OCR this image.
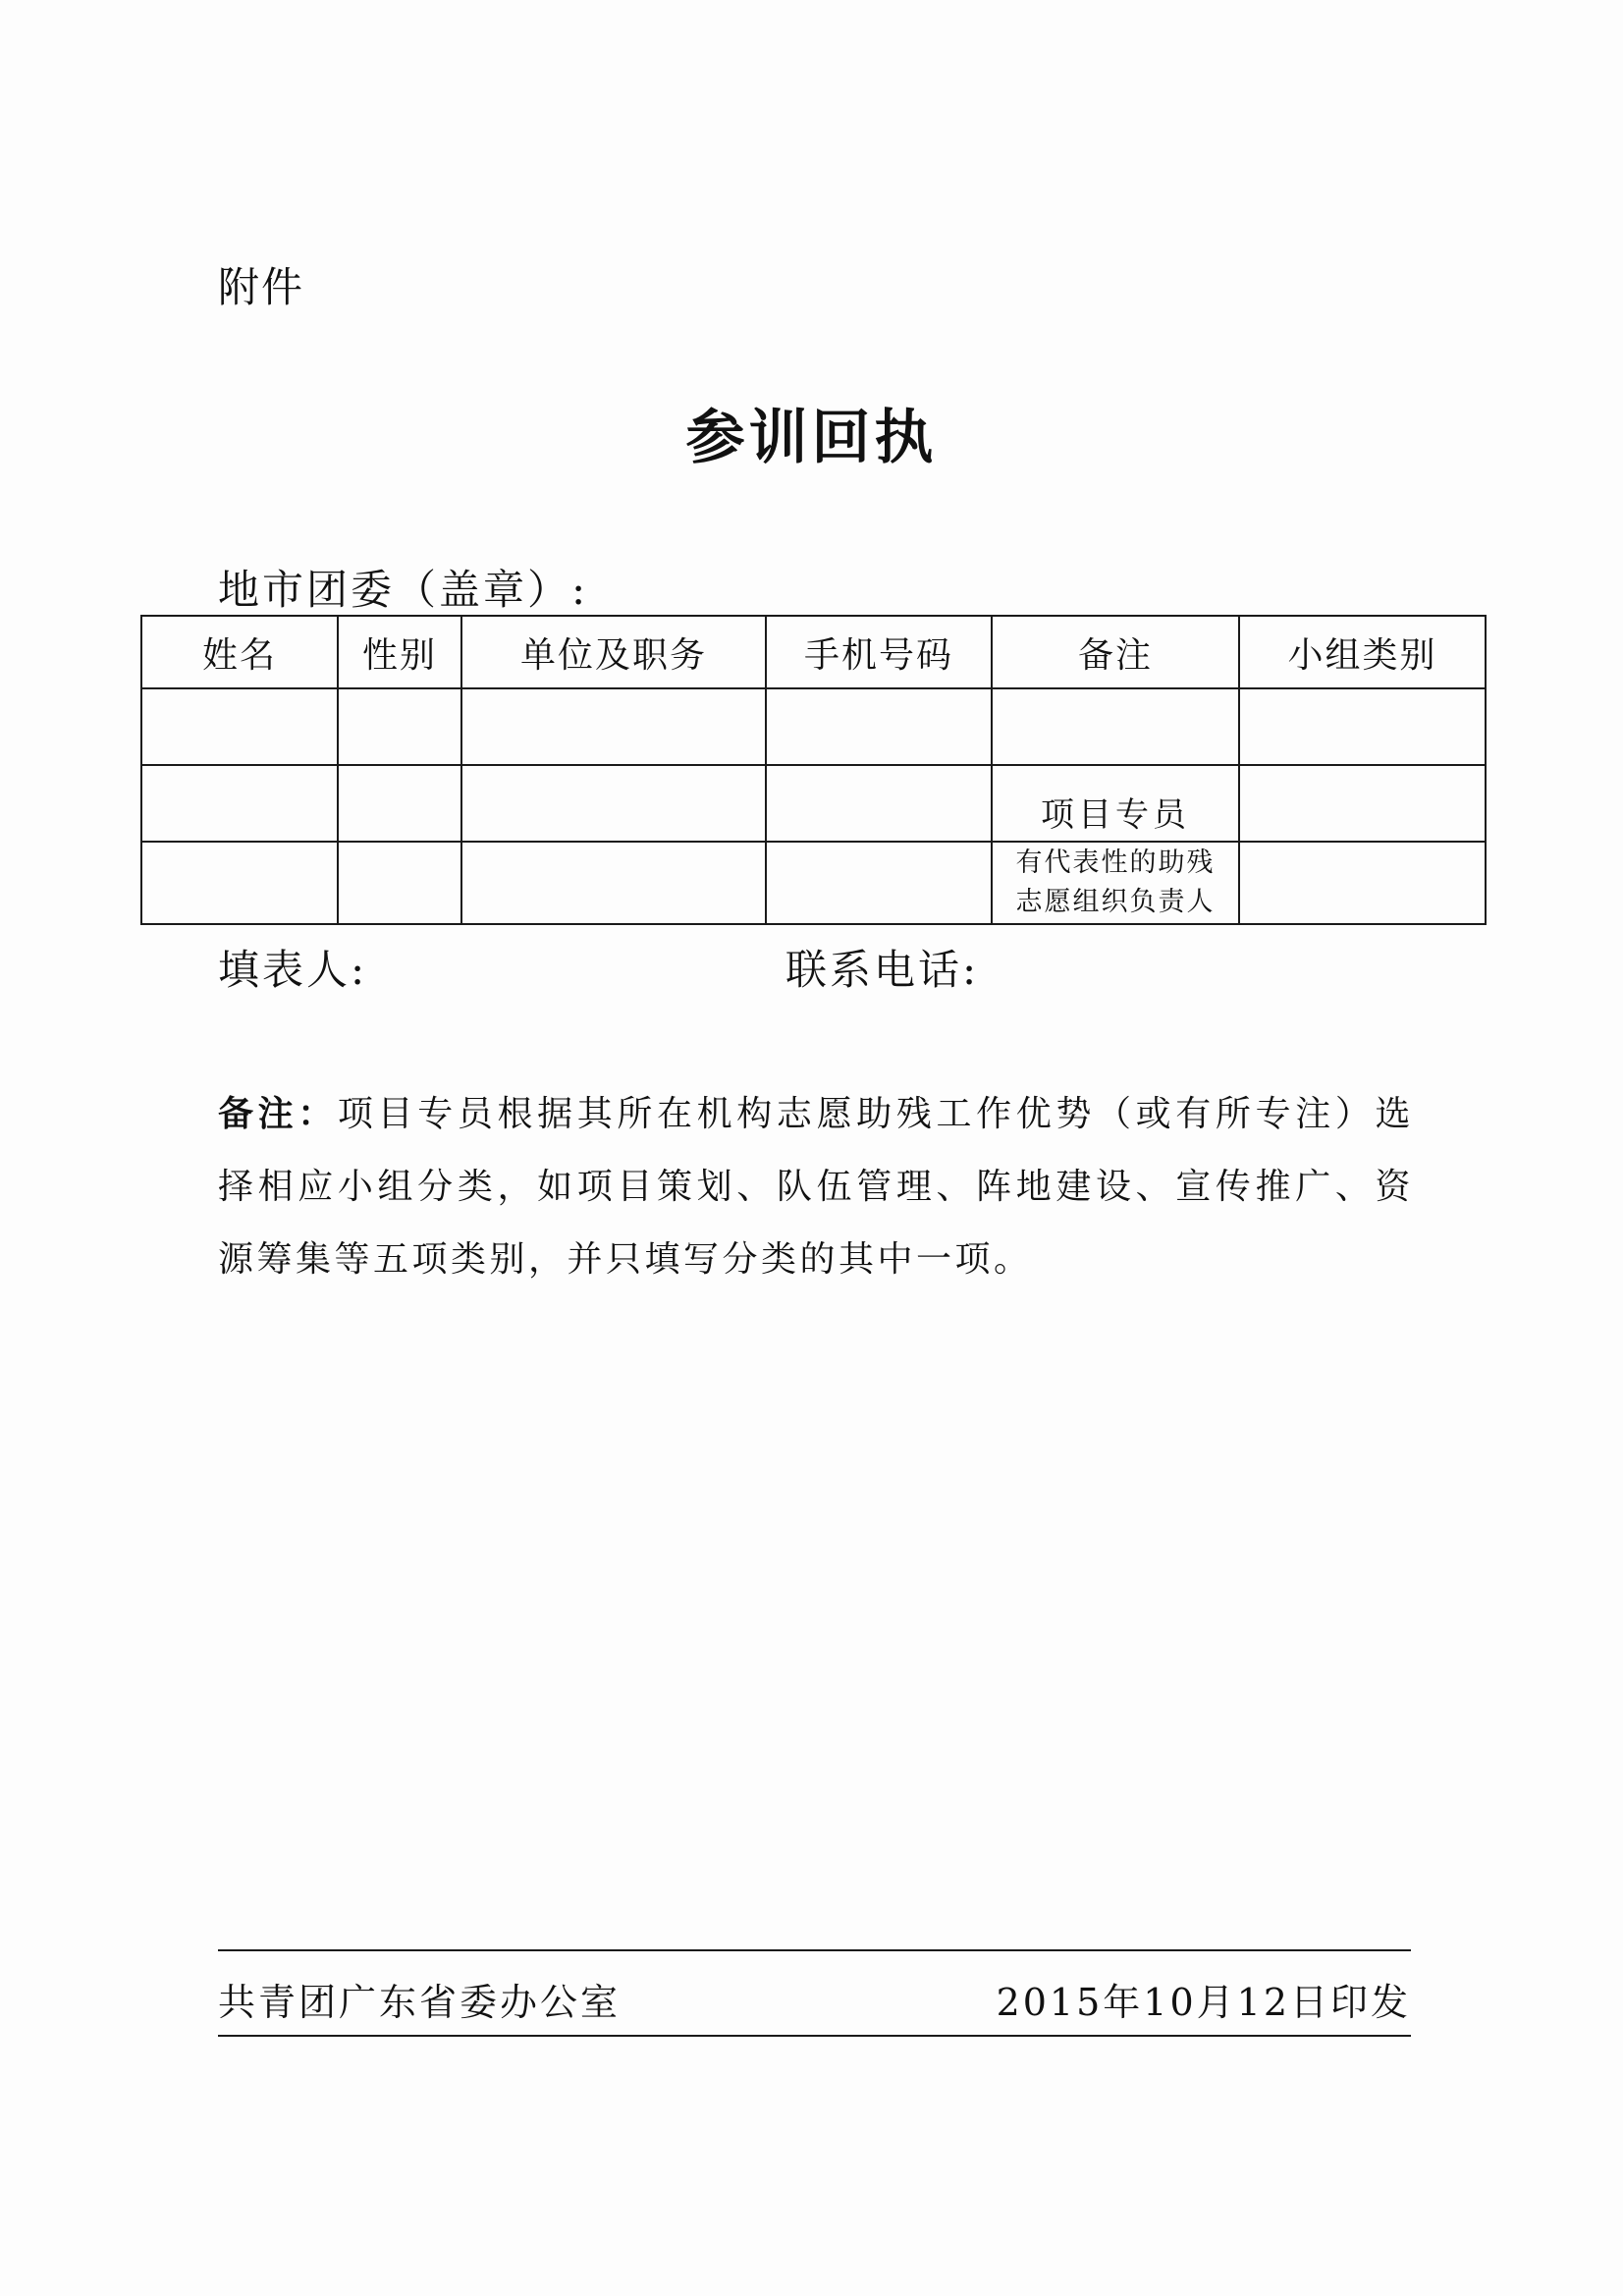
附件
参训回执
地市团委（盖章）:
姓名	性别	单位及职务	手机号码	备注	小组类别

				项目专员	

				有代表性的助残
志愿组织负责人	

填表人:	联系电话:
备注：项目专员根据其所在机构志愿助残工作优势（或有所专注）选择相应小组分类，如项目策划、队伍管理、阵地建设、宣传推广、资源筹集等五项类别，并只填写分类的其中一项。
共青团广东省委办公室	2015年10月12日印发
